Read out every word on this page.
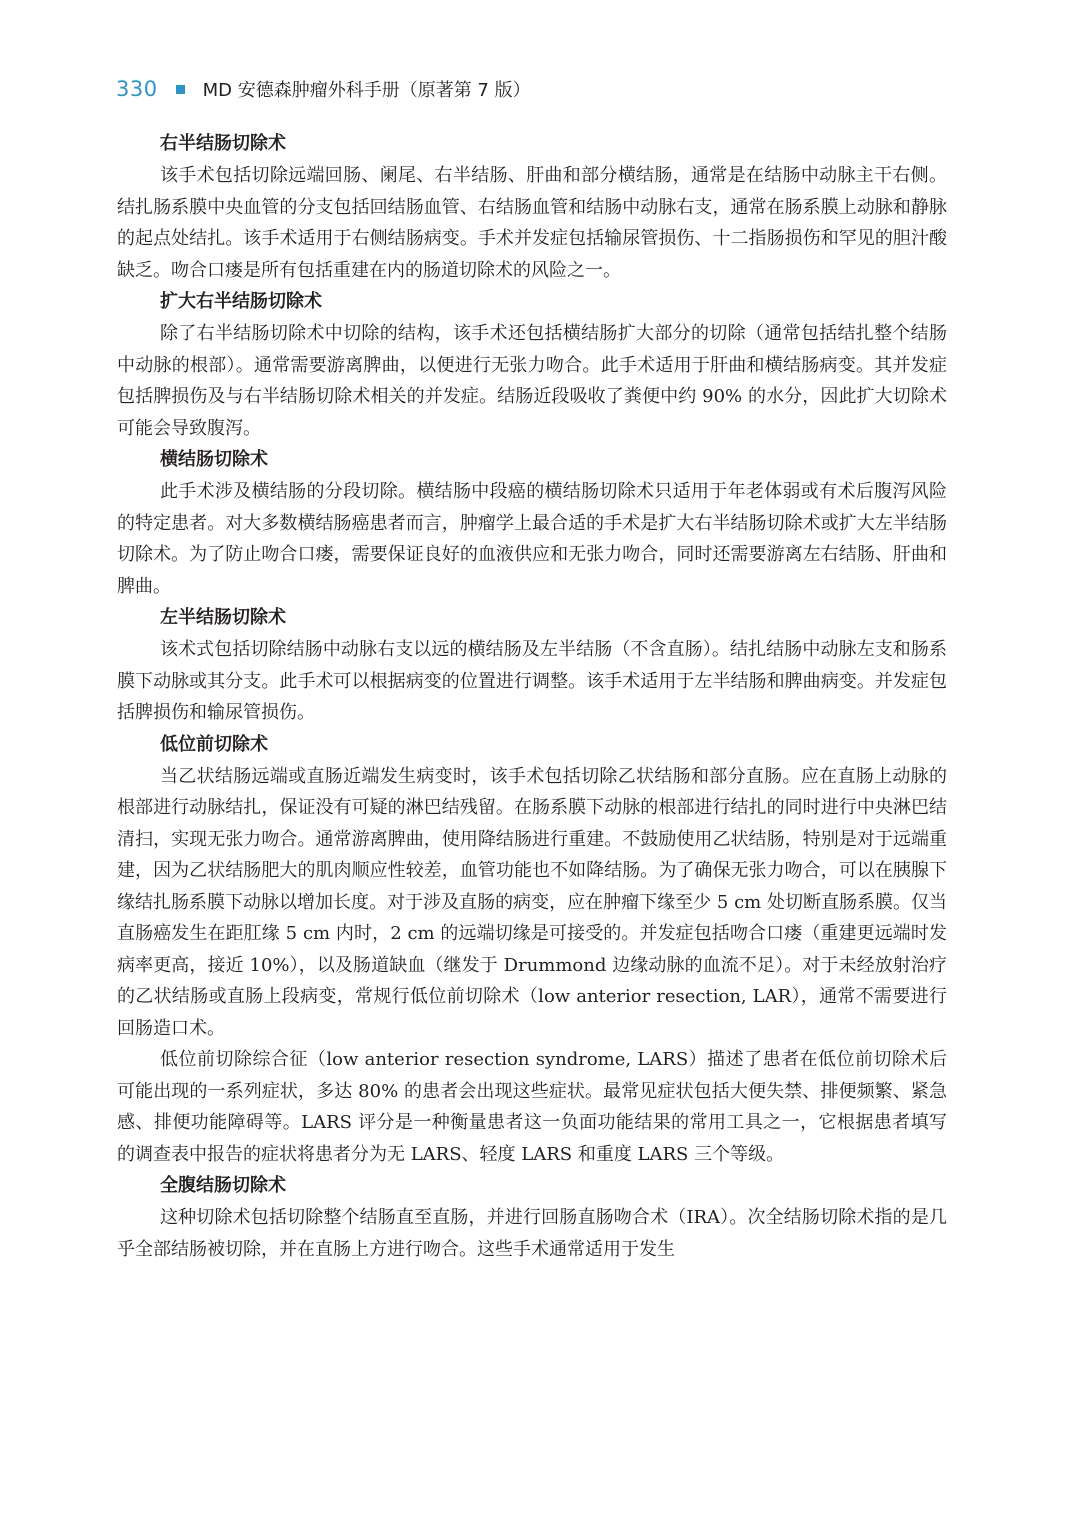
330	MD 安德森肿瘤外科手册（原著第 7 版）

右半结肠切除术

该手术包括切除远端回肠、阑尾、右半结肠、肝曲和部分横结肠，通常是在结肠中动脉主干右侧。结扎肠系膜中央血管的分支包括回结肠血管、右结肠血管和结肠中动脉右支，通常在肠系膜上动脉和静脉的起点处结扎。该手术适用于右侧结肠病变。手术并发症包括输尿管损伤、十二指肠损伤和罕见的胆汁酸缺乏。吻合口瘘是所有包括重建在内的肠道切除术的风险之一。

扩大右半结肠切除术

除了右半结肠切除术中切除的结构，该手术还包括横结肠扩大部分的切除（通常包括结扎整个结肠中动脉的根部）。通常需要游离脾曲，以便进行无张力吻合。此手术适用于肝曲和横结肠病变。其并发症包括脾损伤及与右半结肠切除术相关的并发症。结肠近段吸收了粪便中约 90% 的水分，因此扩大切除术可能会导致腹泻。

横结肠切除术

此手术涉及横结肠的分段切除。横结肠中段癌的横结肠切除术只适用于年老体弱或有术后腹泻风险的特定患者。对大多数横结肠癌患者而言，肿瘤学上最合适的手术是扩大右半结肠切除术或扩大左半结肠切除术。为了防止吻合口瘘，需要保证良好的血液供应和无张力吻合，同时还需要游离左右结肠、肝曲和脾曲。

左半结肠切除术

该术式包括切除结肠中动脉右支以远的横结肠及左半结肠（不含直肠）。结扎结肠中动脉左支和肠系膜下动脉或其分支。此手术可以根据病变的位置进行调整。该手术适用于左半结肠和脾曲病变。并发症包括脾损伤和输尿管损伤。

低位前切除术

当乙状结肠远端或直肠近端发生病变时，该手术包括切除乙状结肠和部分直肠。应在直肠上动脉的根部进行动脉结扎，保证没有可疑的淋巴结残留。在肠系膜下动脉的根部进行结扎的同时进行中央淋巴结清扫，实现无张力吻合。通常游离脾曲，使用降结肠进行重建。不鼓励使用乙状结肠，特别是对于远端重建，因为乙状结肠肥大的肌肉顺应性较差，血管功能也不如降结肠。为了确保无张力吻合，可以在胰腺下缘结扎肠系膜下动脉以增加长度。对于涉及直肠的病变，应在肿瘤下缘至少 5 cm 处切断直肠系膜。仅当直肠癌发生在距肛缘 5 cm 内时，2 cm 的远端切缘是可接受的。并发症包括吻合口瘘（重建更远端时发病率更高，接近 10%），以及肠道缺血（继发于 Drummond 边缘动脉的血流不足）。对于未经放射治疗的乙状结肠或直肠上段病变，常规行低位前切除术（low anterior resection, LAR），通常不需要进行回肠造口术。

低位前切除综合征（low anterior resection syndrome, LARS）描述了患者在低位前切除术后可能出现的一系列症状，多达 80% 的患者会出现这些症状。最常见症状包括大便失禁、排便频繁、紧急感、排便功能障碍等。LARS 评分是一种衡量患者这一负面功能结果的常用工具之一，它根据患者填写的调查表中报告的症状将患者分为无 LARS、轻度 LARS 和重度 LARS 三个等级。

全腹结肠切除术

这种切除术包括切除整个结肠直至直肠，并进行回肠直肠吻合术（IRA）。次全结肠切除术指的是几乎全部结肠被切除，并在直肠上方进行吻合。这些手术通常适用于发生
